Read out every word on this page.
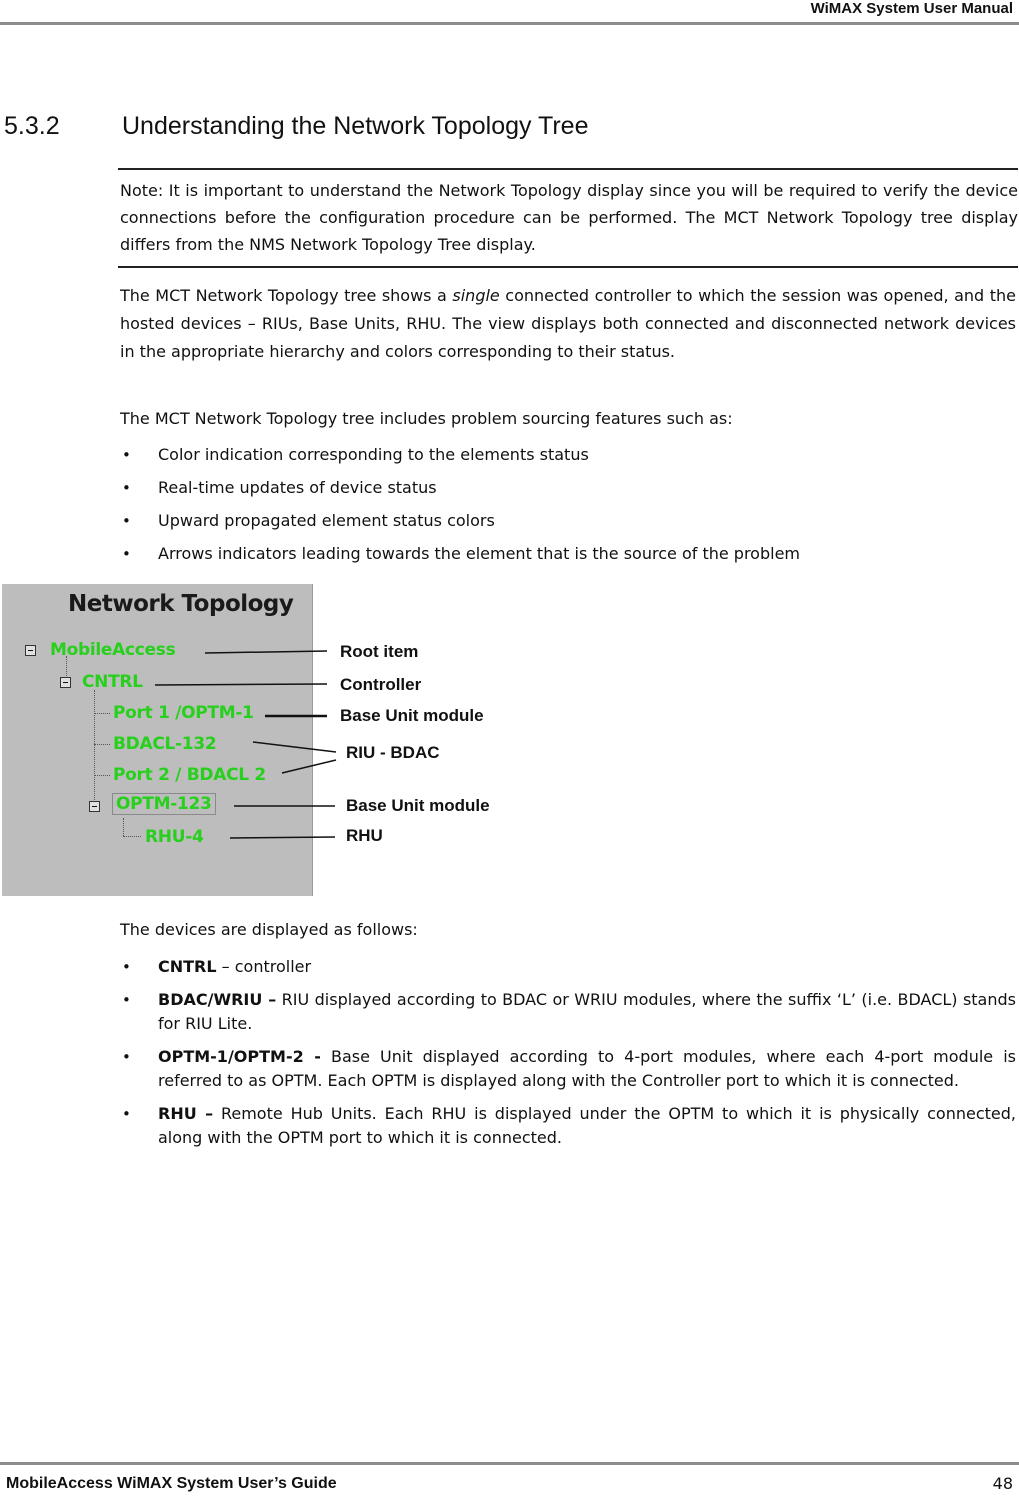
WiMAX System User Manual
5.3.2 Understanding the Network Topology Tree
Note: It is important to understand the Network Topology display since you will be required to verify the device connections before the configuration procedure can be performed. The MCT Network Topology tree display differs from the NMS Network Topology Tree display.
The MCT Network Topology tree shows a single connected controller to which the session was opened, and the hosted devices – RIUs, Base Units, RHU. The view displays both connected and disconnected network devices in the appropriate hierarchy and colors corresponding to their status.
The MCT Network Topology tree includes problem sourcing features such as:
• Color indication corresponding to the elements status
• Real-time updates of device status
• Upward propagated element status colors
• Arrows indicators leading towards the element that is the source of the problem
Network Topology
MobileAccess
CNTRL
Port 1 /OPTM-1
BDACL-132
Port 2 / BDACL 2
OPTM-123
RHU-4
Root item
Controller
Base Unit module
RIU - BDAC
Base Unit module
RHU
The devices are displayed as follows:
• CNTRL – controller
• BDAC/WRIU – RIU displayed according to BDAC or WRIU modules, where the suffix ‘L’ (i.e. BDACL) stands for RIU Lite.
• OPTM-1/OPTM-2 - Base Unit displayed according to 4-port modules, where each 4-port module is referred to as OPTM. Each OPTM is displayed along with the Controller port to which it is connected.
• RHU – Remote Hub Units. Each RHU is displayed under the OPTM to which it is physically connected, along with the OPTM port to which it is connected.
MobileAccess WiMAX System User’s Guide	48
